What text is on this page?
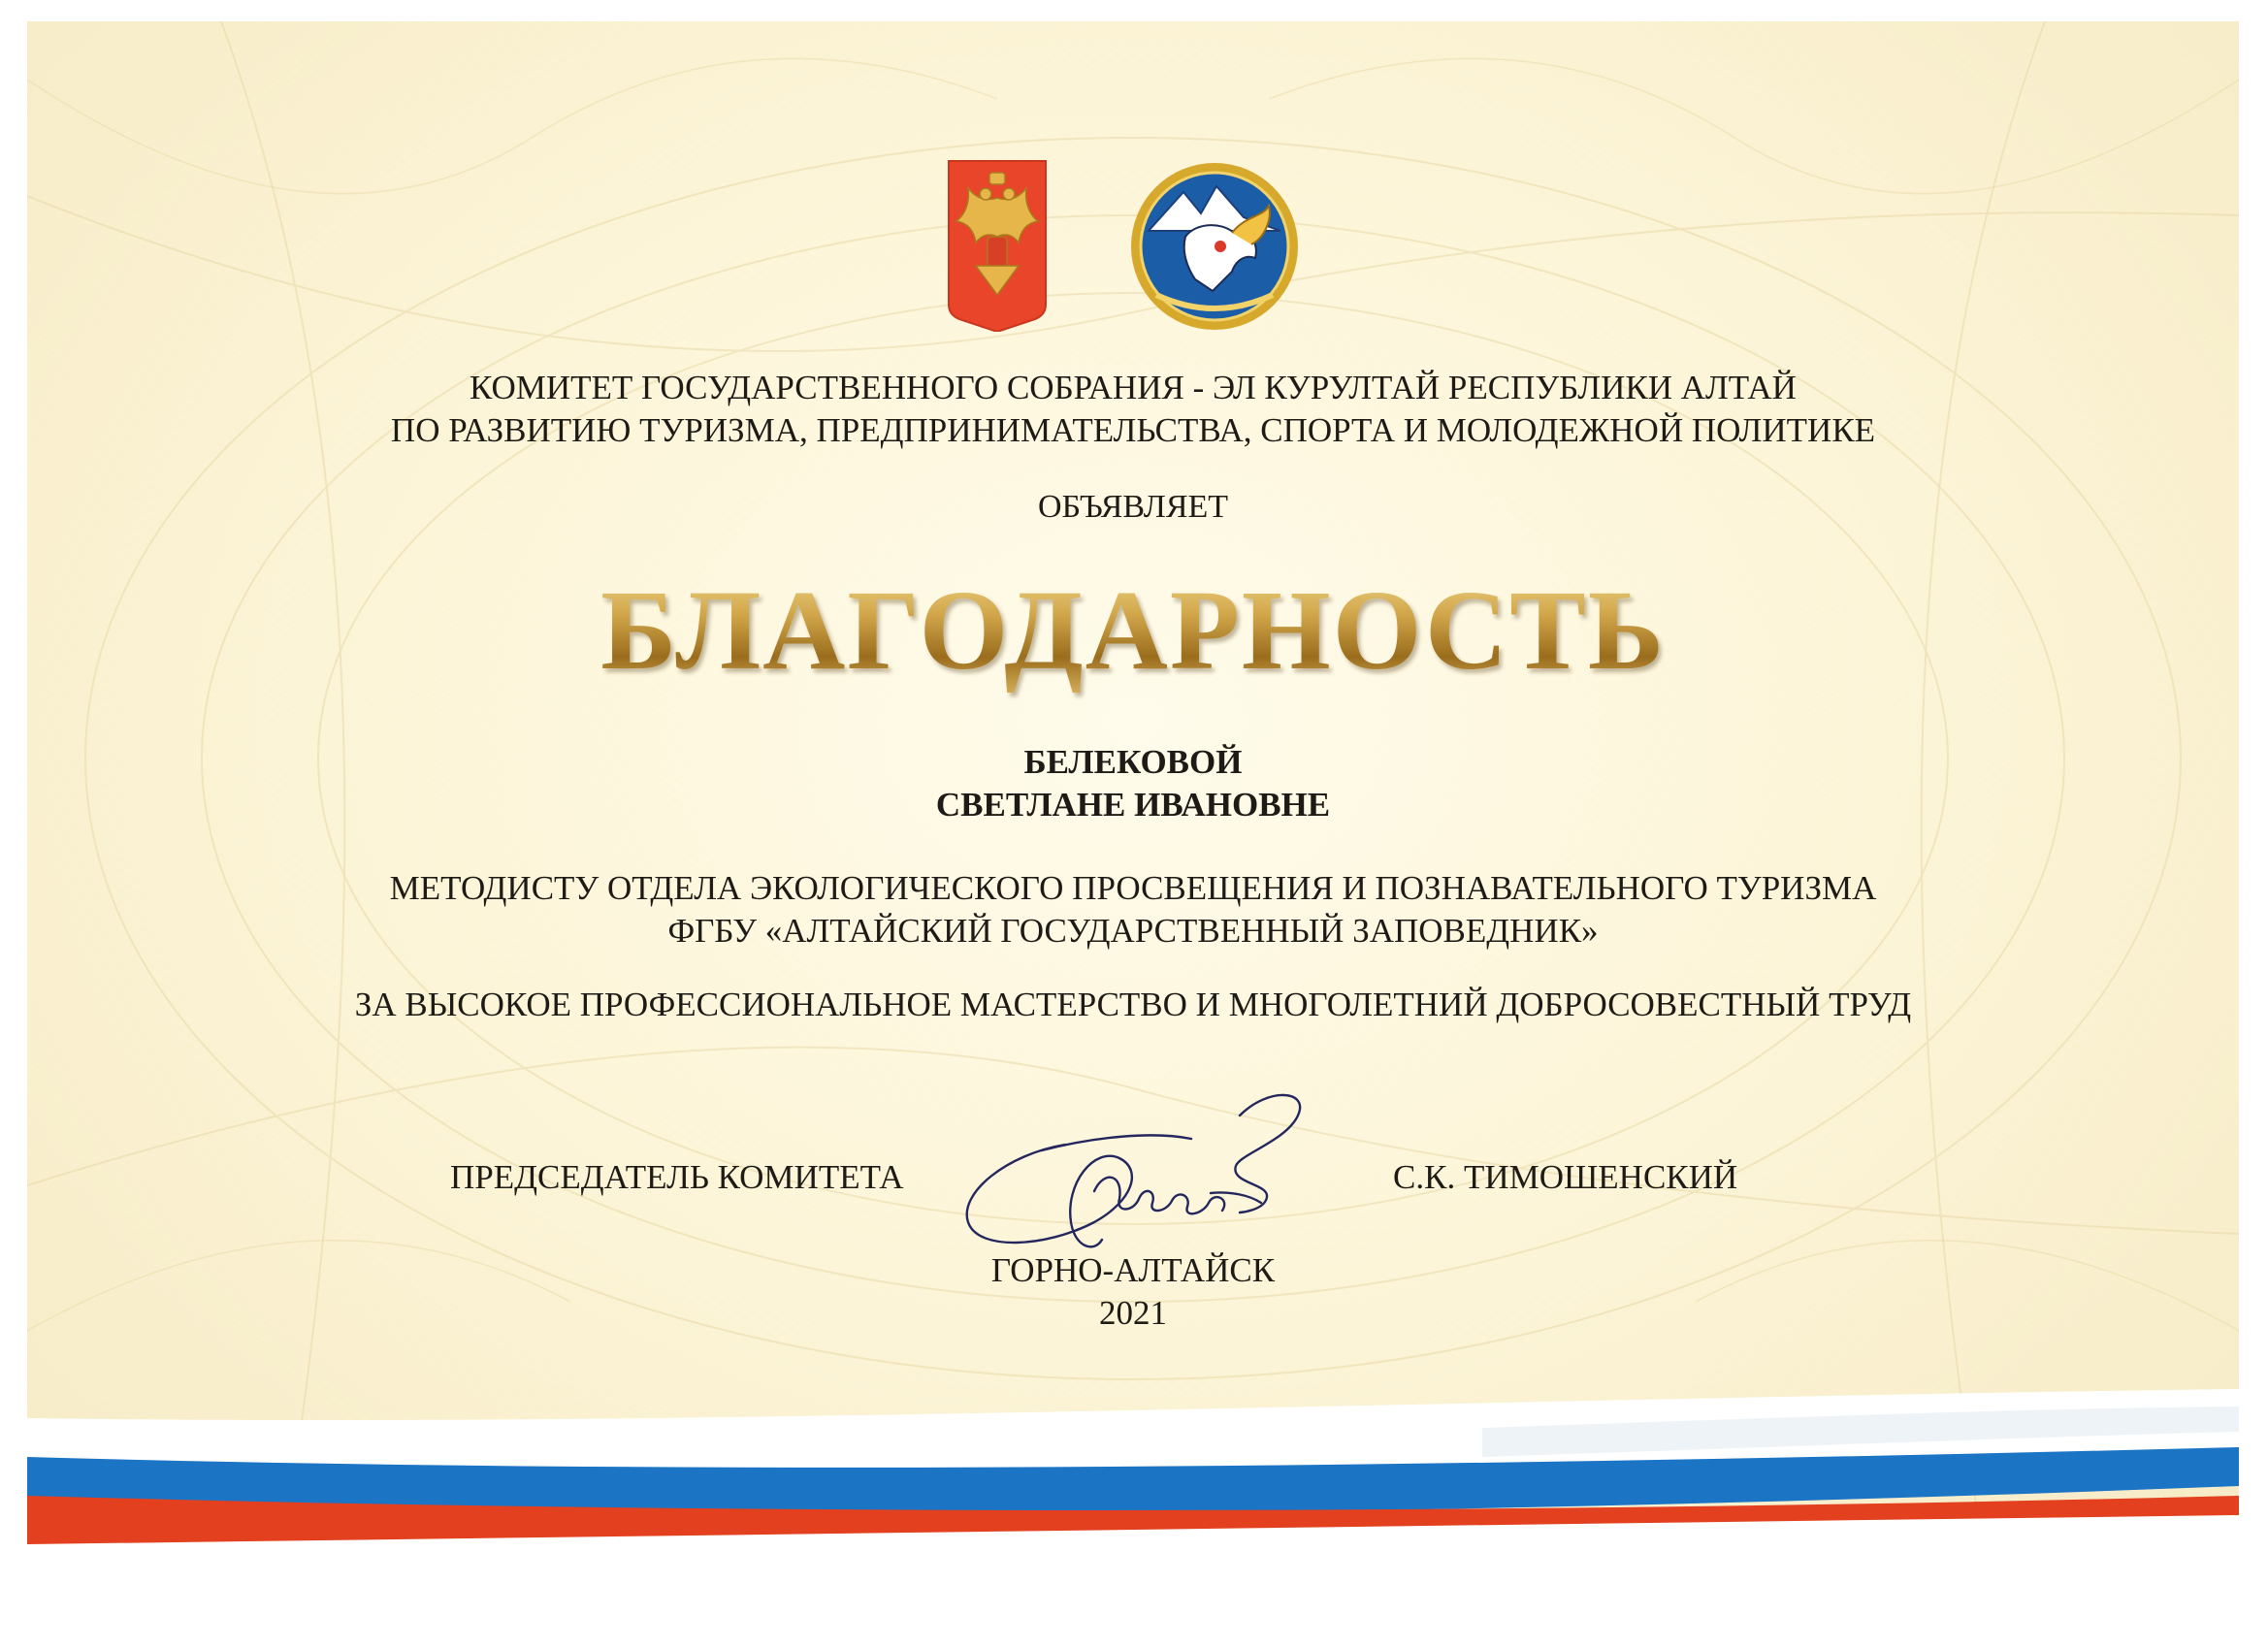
КОМИТЕТ ГОСУДАРСТВЕННОГО СОБРАНИЯ - ЭЛ КУРУЛТАЙ РЕСПУБЛИКИ АЛТАЙ
ПО РАЗВИТИЮ ТУРИЗМА, ПРЕДПРИНИМАТЕЛЬСТВА, СПОРТА И МОЛОДЕЖНОЙ ПОЛИТИКЕ
ОБЪЯВЛЯЕТ
БЛАГОДАРНОСТЬ
БЕЛЕКОВОЙ
СВЕТЛАНЕ ИВАНОВНЕ
МЕТОДИСТУ ОТДЕЛА ЭКОЛОГИЧЕСКОГО ПРОСВЕЩЕНИЯ И ПОЗНАВАТЕЛЬНОГО ТУРИЗМА
ФГБУ «АЛТАЙСКИЙ ГОСУДАРСТВЕННЫЙ ЗАПОВЕДНИК»
ЗА ВЫСОКОЕ ПРОФЕССИОНАЛЬНОЕ МАСТЕРСТВО И МНОГОЛЕТНИЙ ДОБРОСОВЕСТНЫЙ ТРУД
ПРЕДСЕДАТЕЛЬ КОМИТЕТА	С.К. ТИМОШЕНСКИЙ
ГОРНО-АЛТАЙСК
2021
